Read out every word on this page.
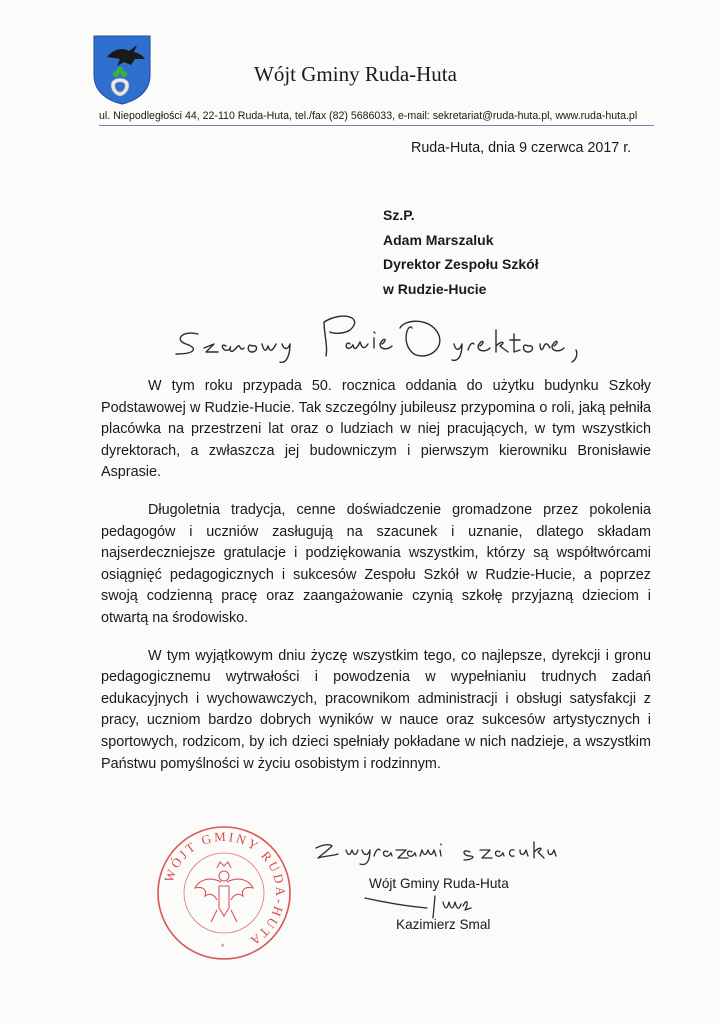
Wójt Gminy Ruda-Huta
ul. Niepodległości 44, 22-110 Ruda-Huta, tel./fax (82) 5686033, e-mail: sekretariat@ruda-huta.pl, www.ruda-huta.pl
Ruda-Huta, dnia 9 czerwca 2017 r.
Sz.P.
Adam Marszaluk
Dyrektor Zespołu Szkół
w Rudzie-Hucie

W tym roku przypada 50. rocznica oddania do użytku budynku Szkoły Podstawowej w Rudzie-Hucie. Tak szczególny jubileusz przypomina o roli, jaką pełniła placówka na przestrzeni lat oraz o ludziach w niej pracujących, w tym wszystkich dyrektorach, a zwłaszcza jej budowniczym i pierwszym kierowniku Bronisławie Asprasie.

Długoletnia tradycja, cenne doświadczenie gromadzone przez pokolenia pedagogów i uczniów zasługują na szacunek i uznanie, dlatego składam najserdeczniejsze gratulacje i podziękowania wszystkim, którzy są współtwórcami osiągnięć pedagogicznych i sukcesów Zespołu Szkół w Rudzie-Hucie, a poprzez swoją codzienną pracę oraz zaangażowanie czynią szkołę przyjazną dzieciom i otwartą na środowisko.

W tym wyjątkowym dniu życzę wszystkim tego, co najlepsze, dyrekcji i gronu pedagogicznemu wytrwałości i powodzenia w wypełnianiu trudnych zadań edukacyjnych i wychowawczych, pracownikom administracji i obsługi satysfakcji z pracy, uczniom bardzo dobrych wyników w nauce oraz sukcesów artystycznych i sportowych, rodzicom, by ich dzieci spełniały pokładane w nich nadzieje, a wszystkim Państwu pomyślności w życiu osobistym i rodzinnym.

Wójt Gminy Ruda-Huta
Kazimierz Smal
WÓJT GMINY RUDA-HUTA
*
